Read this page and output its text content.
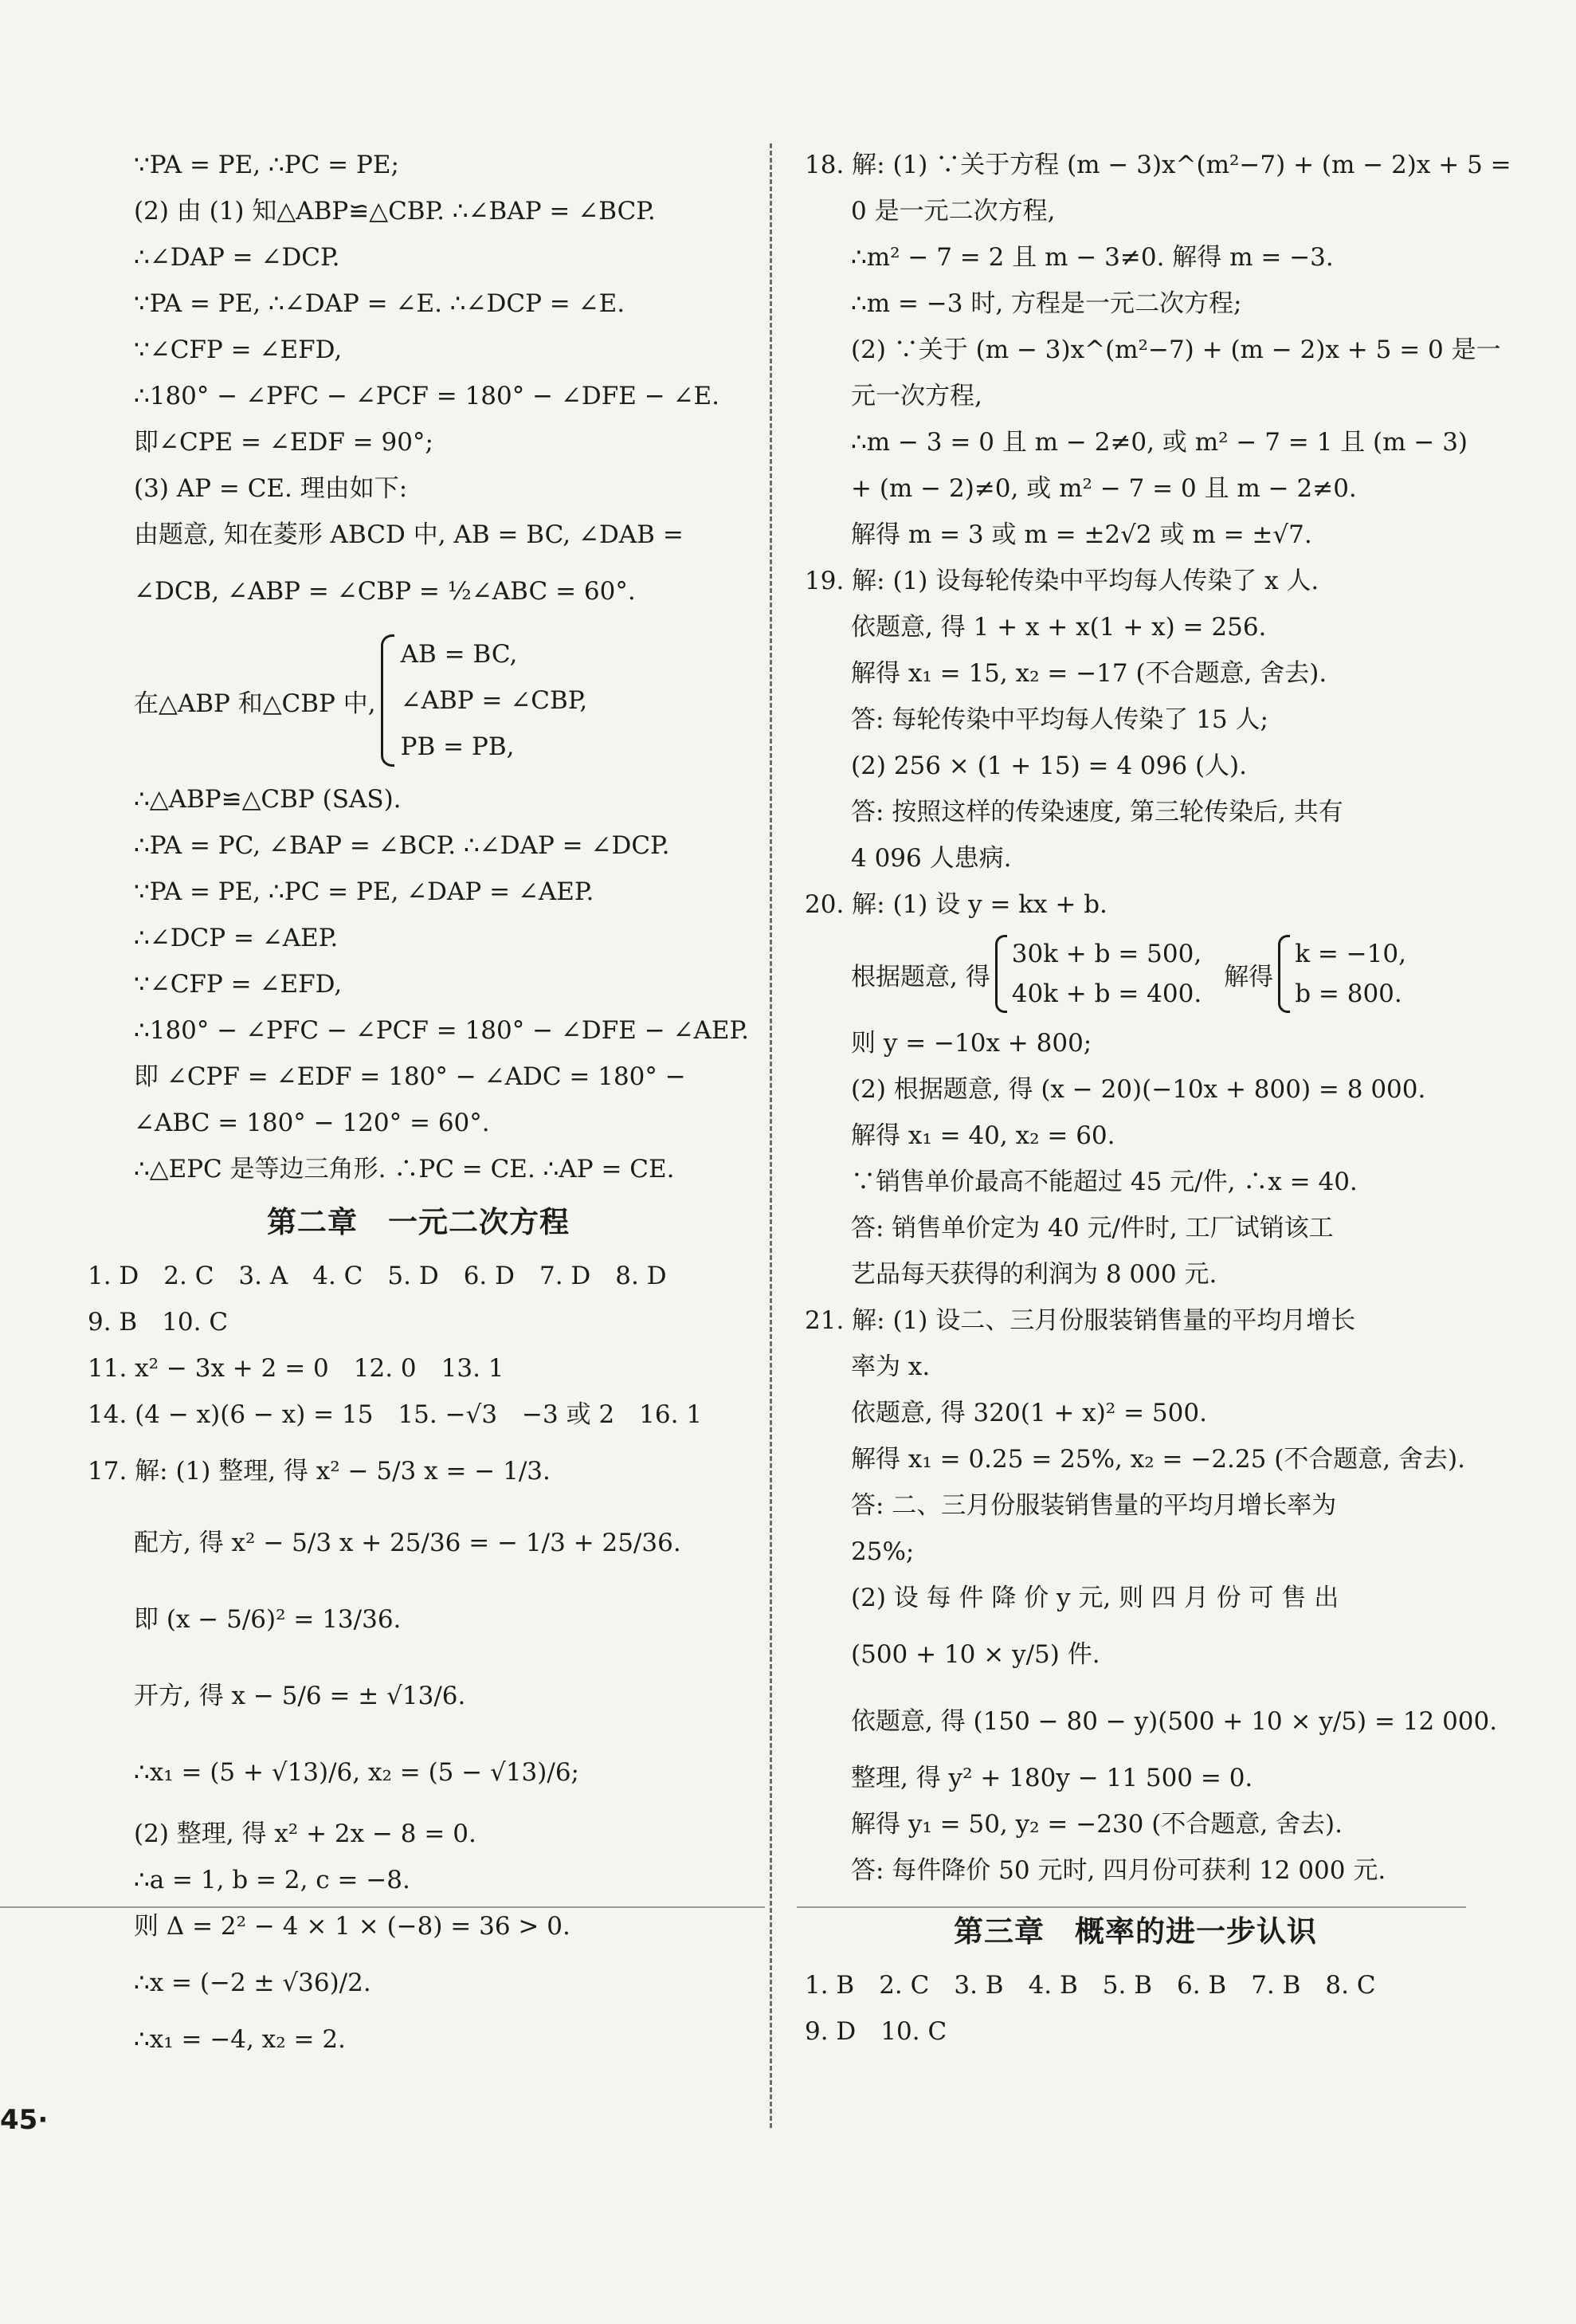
∵PA = PE, ∴PC = PE;
(2) 由 (1) 知△ABP≌△CBP. ∴∠BAP = ∠BCP.
∴∠DAP = ∠DCP.
∵PA = PE, ∴∠DAP = ∠E. ∴∠DCP = ∠E.
∵∠CFP = ∠EFD,
∴180° − ∠PFC − ∠PCF = 180° − ∠DFE − ∠E.
即∠CPE = ∠EDF = 90°;
(3) AP = CE. 理由如下:
由题意, 知在菱形 ABCD 中, AB = BC, ∠DAB =
∠DCB, ∠ABP = ∠CBP = ½∠ABC = 60°.
在△ABP 和△CBP 中,
AB = BC,
∠ABP = ∠CBP,
PB = PB,
∴△ABP≌△CBP (SAS).
∴PA = PC, ∠BAP = ∠BCP. ∴∠DAP = ∠DCP.
∵PA = PE, ∴PC = PE, ∠DAP = ∠AEP.
∴∠DCP = ∠AEP.
∵∠CFP = ∠EFD,
∴180° − ∠PFC − ∠PCF = 180° − ∠DFE − ∠AEP.
即 ∠CPF = ∠EDF = 180° − ∠ADC = 180° −
∠ABC = 180° − 120° = 60°.
∴△EPC 是等边三角形. ∴PC = CE. ∴AP = CE.
第二章　一元二次方程
1. D　2. C　3. A　4. C　5. D　6. D　7. D　8. D
9. B　10. C
11. x² − 3x + 2 = 0　12. 0　13. 1
14. (4 − x)(6 − x) = 15　15. −√3　−3 或 2　16. 1
17. 解: (1) 整理, 得 x² − 5/3 x = − 1/3.
配方, 得 x² − 5/3 x + 25/36 = − 1/3 + 25/36.
即 (x − 5/6)² = 13/36.
开方, 得 x − 5/6 = ± √13/6.
∴x₁ = (5 + √13)/6, x₂ = (5 − √13)/6;
(2) 整理, 得 x² + 2x − 8 = 0.
∴a = 1, b = 2, c = −8.
则 Δ = 2² − 4 × 1 × (−8) = 36 > 0.
∴x = (−2 ± √36)/2.
∴x₁ = −4, x₂ = 2.
18. 解: (1) ∵关于方程 (m − 3)x^(m²−7) + (m − 2)x + 5 =
0 是一元二次方程,
∴m² − 7 = 2 且 m − 3≠0. 解得 m = −3.
∴m = −3 时, 方程是一元二次方程;
(2) ∵关于 (m − 3)x^(m²−7) + (m − 2)x + 5 = 0 是一
元一次方程,
∴m − 3 = 0 且 m − 2≠0, 或 m² − 7 = 1 且 (m − 3)
+ (m − 2)≠0, 或 m² − 7 = 0 且 m − 2≠0.
解得 m = 3 或 m = ±2√2 或 m = ±√7.
19. 解: (1) 设每轮传染中平均每人传染了 x 人.
依题意, 得 1 + x + x(1 + x) = 256.
解得 x₁ = 15, x₂ = −17 (不合题意, 舍去).
答: 每轮传染中平均每人传染了 15 人;
(2) 256 × (1 + 15) = 4 096 (人).
答: 按照这样的传染速度, 第三轮传染后, 共有
4 096 人患病.
20. 解: (1) 设 y = kx + b.
根据题意, 得
30k + b = 500,
40k + b = 400.
解得
k = −10,
b = 800.
则 y = −10x + 800;
(2) 根据题意, 得 (x − 20)(−10x + 800) = 8 000.
解得 x₁ = 40, x₂ = 60.
∵销售单价最高不能超过 45 元/件, ∴x = 40.
答: 销售单价定为 40 元/件时, 工厂试销该工
艺品每天获得的利润为 8 000 元.
21. 解: (1) 设二、三月份服装销售量的平均月增长
率为 x.
依题意, 得 320(1 + x)² = 500.
解得 x₁ = 0.25 = 25%, x₂ = −2.25 (不合题意, 舍去).
答: 二、三月份服装销售量的平均月增长率为
25%;
(2) 设 每 件 降 价 y 元, 则 四 月 份 可 售 出
(500 + 10 × y/5) 件.
依题意, 得 (150 − 80 − y)(500 + 10 × y/5) = 12 000.
整理, 得 y² + 180y − 11 500 = 0.
解得 y₁ = 50, y₂ = −230 (不合题意, 舍去).
答: 每件降价 50 元时, 四月份可获利 12 000 元.
第三章　概率的进一步认识
1. B　2. C　3. B　4. B　5. B　6. B　7. B　8. C
9. D　10. C
45·
